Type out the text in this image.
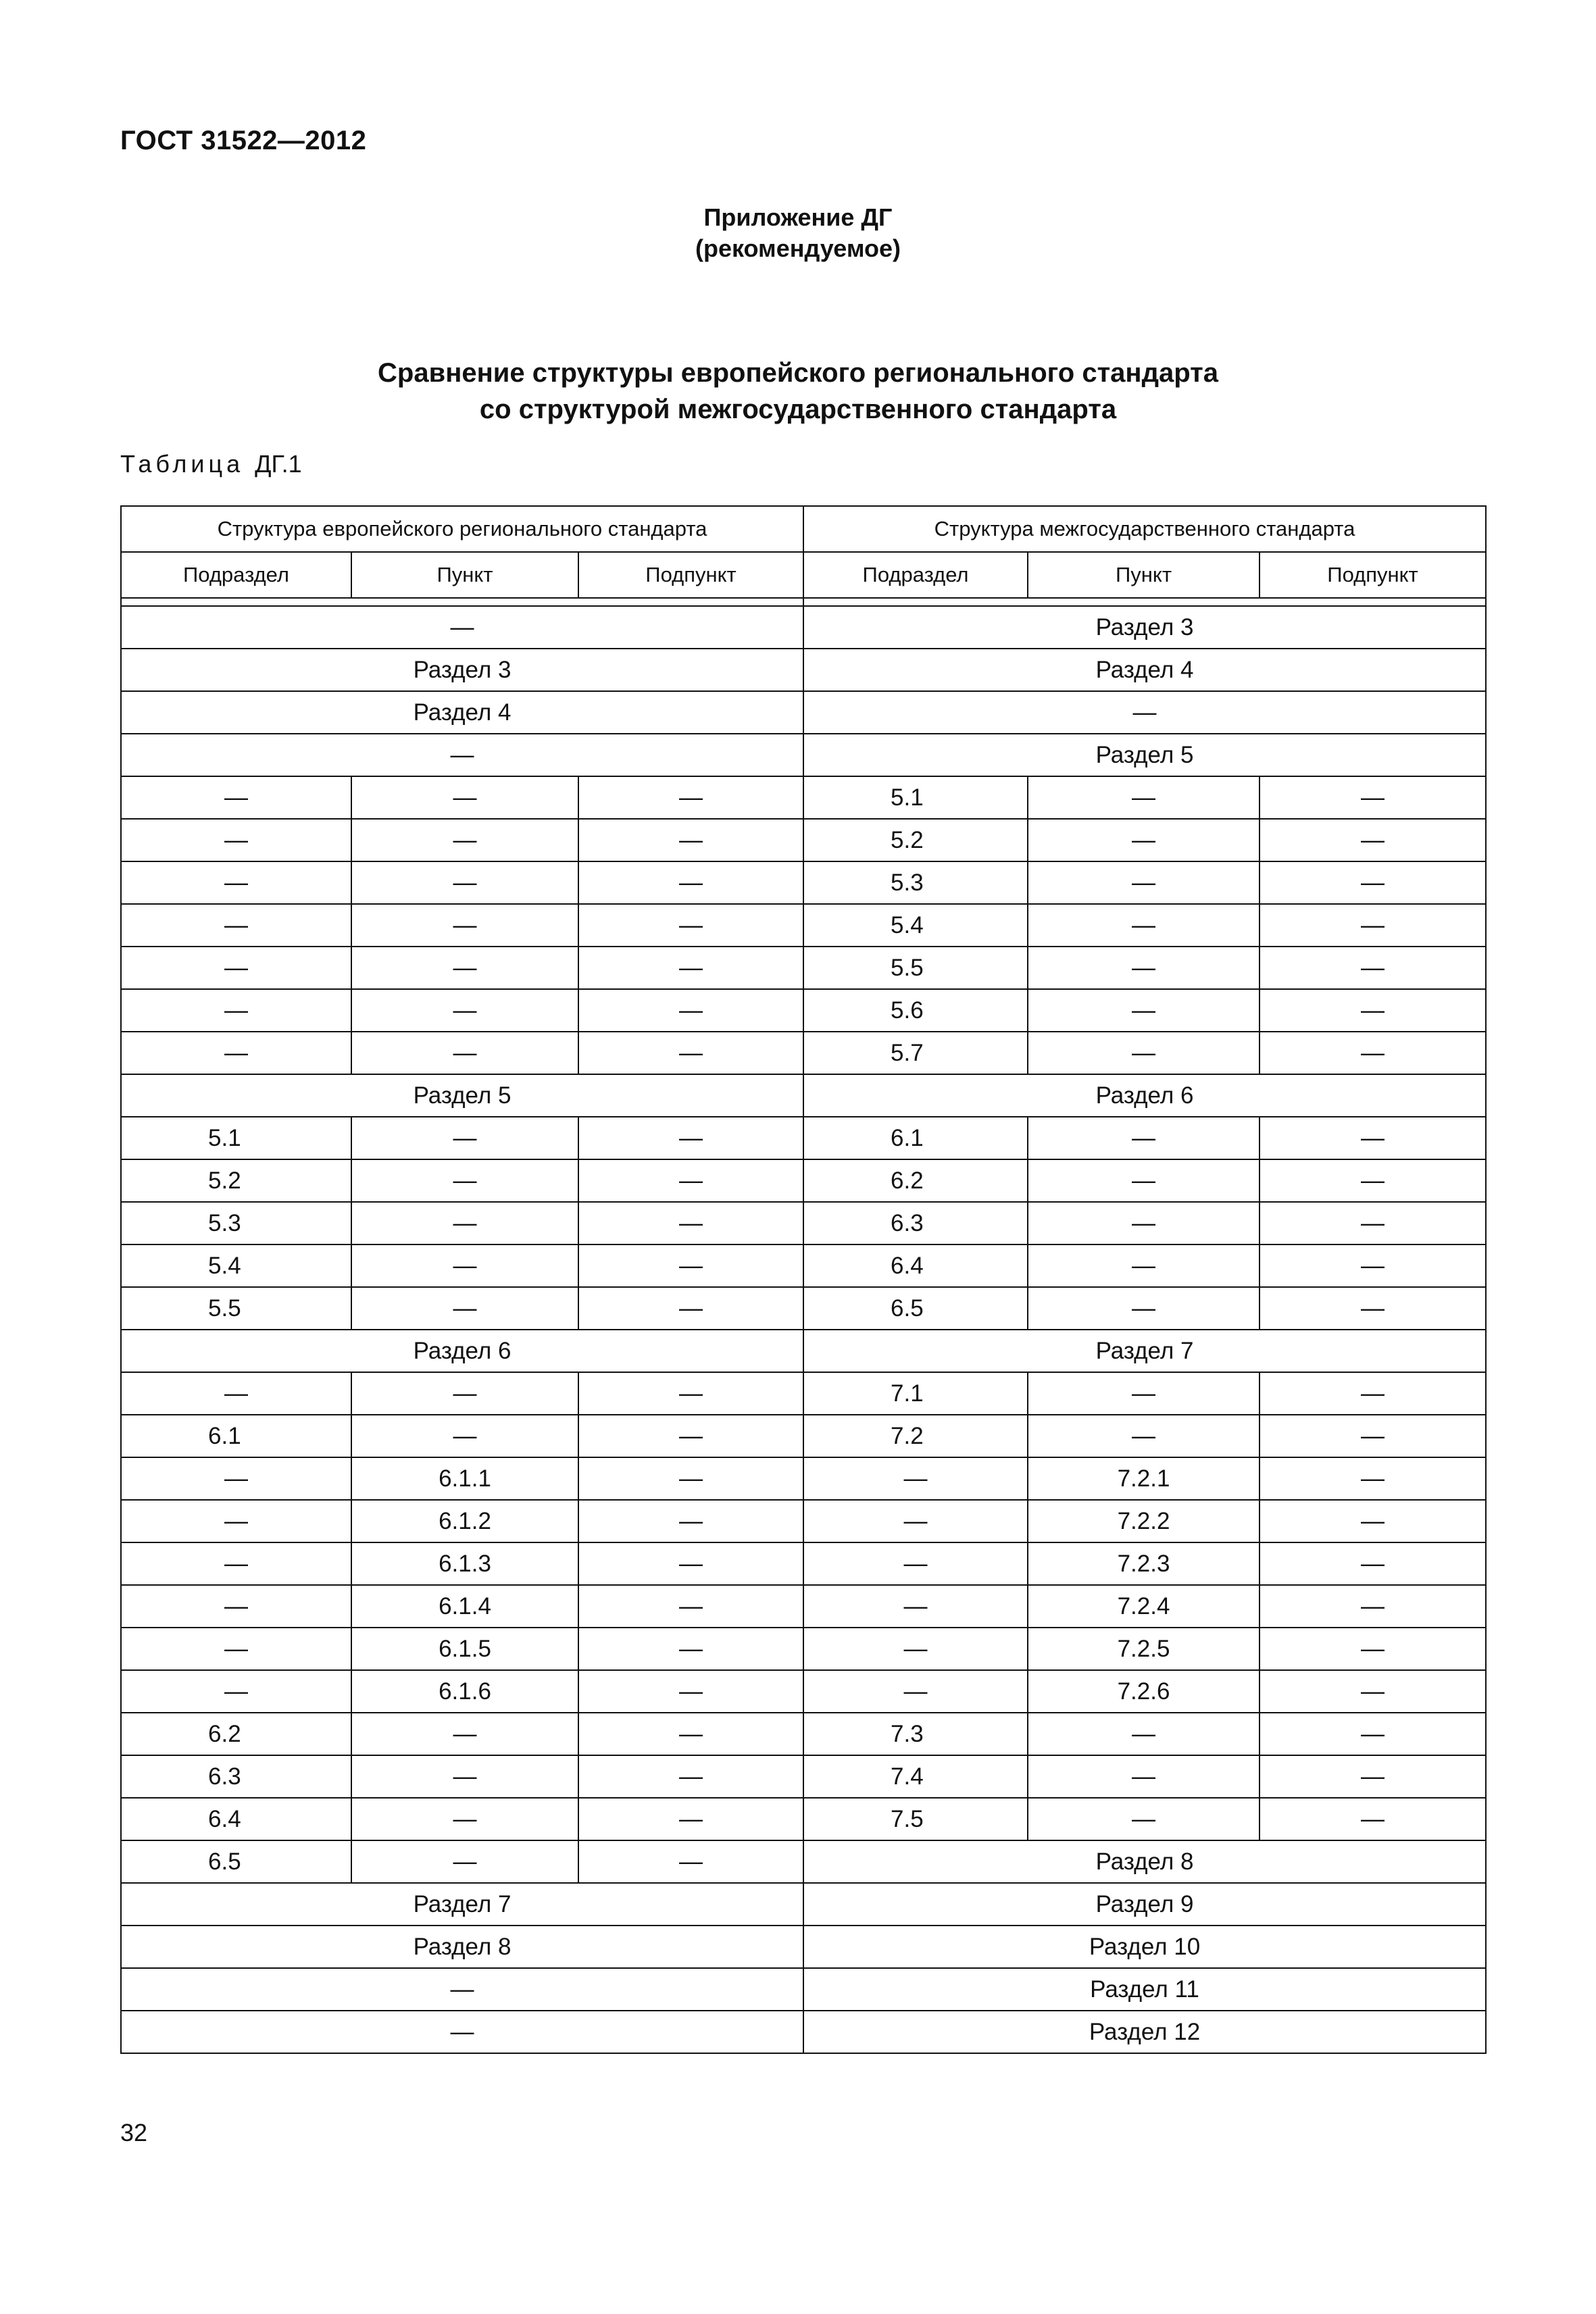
ГОСТ 31522—2012
Приложение ДГ
(рекомендуемое)
Сравнение структуры европейского регионального стандарта
со структурой межгосударственного стандарта
Таблица ДГ.1
Структура европейского регионального стандарта			Структура межгосударственного стандарта		
Подраздел	Пункт	Подпункт	Подраздел	Пункт	Подпункт

—			Раздел 3		
Раздел 3			Раздел 4		
Раздел 4			—		
—			Раздел 5		
—	—	—	5.1	—	—
—	—	—	5.2	—	—
—	—	—	5.3	—	—
—	—	—	5.4	—	—
—	—	—	5.5	—	—
—	—	—	5.6	—	—
—	—	—	5.7	—	—
Раздел 5			Раздел 6		
5.1	—	—	6.1	—	—
5.2	—	—	6.2	—	—
5.3	—	—	6.3	—	—
5.4	—	—	6.4	—	—
5.5	—	—	6.5	—	—
Раздел 6			Раздел 7		
—	—	—	7.1	—	—
6.1	—	—	7.2	—	—
—	6.1.1	—	—	7.2.1	—
—	6.1.2	—	—	7.2.2	—
—	6.1.3	—	—	7.2.3	—
—	6.1.4	—	—	7.2.4	—
—	6.1.5	—	—	7.2.5	—
—	6.1.6	—	—	7.2.6	—
6.2	—	—	7.3	—	—
6.3	—	—	7.4	—	—
6.4	—	—	7.5	—	—
6.5	—	—	Раздел 8		
Раздел 7			Раздел 9		
Раздел 8			Раздел 10		
—			Раздел 11		
—			Раздел 12		
32
